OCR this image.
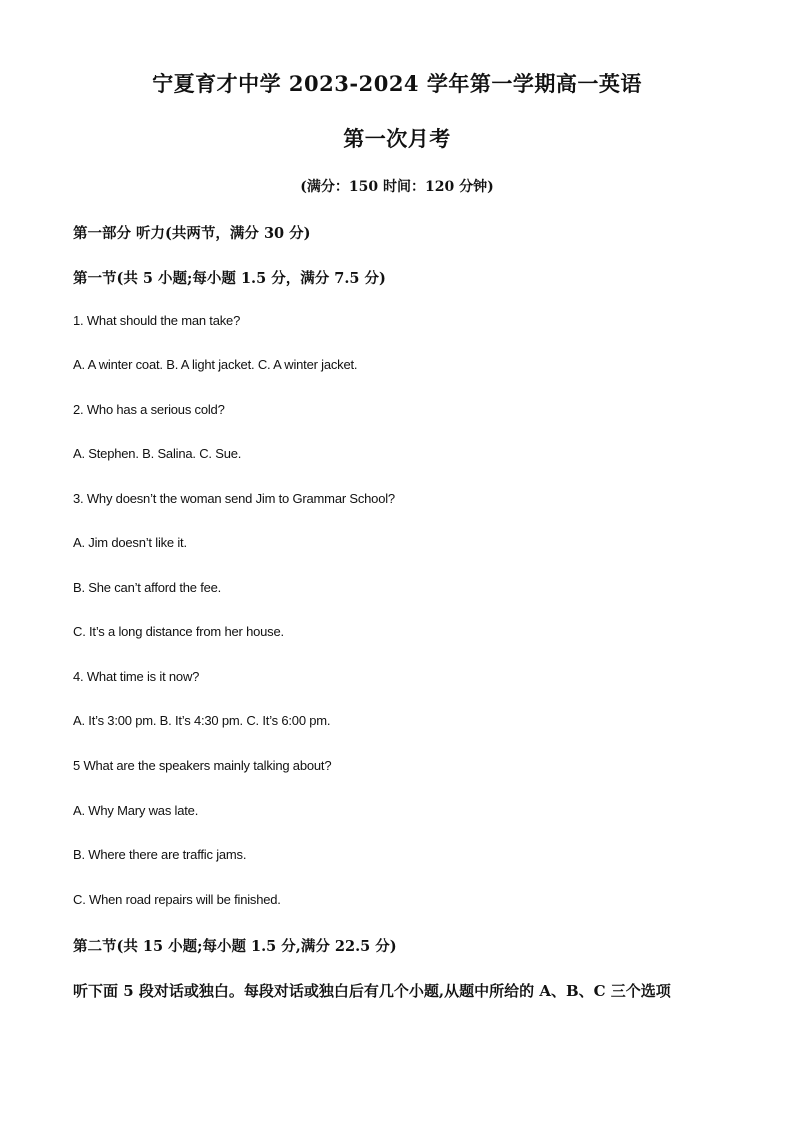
宁夏育才中学 2023-2024 学年第一学期高一英语
第一次月考
(满分：150 时间：120 分钟)
第一部分 听力(共两节，满分 30 分)
第一节(共 5 小题;每小题 1.5 分，满分 7.5 分)
1. What should the man take?
A. A winter coat. B. A light jacket. C. A winter jacket.
2. Who has a serious cold?
A. Stephen. B. Salina. C. Sue.
3. Why doesn’t the woman send Jim to Grammar School?
A. Jim doesn’t like it.
B. She can’t afford the fee.
C. It’s a long distance from her house.
4. What time is it now?
A. It’s 3:00 pm. B. It’s 4:30 pm. C. It’s 6:00 pm.
5 What are the speakers mainly talking about?
A. Why Mary was late.
B. Where there are traffic jams.
C. When road repairs will be finished.
第二节(共 15 小题;每小题 1.5 分,满分 22.5 分)
听下面 5 段对话或独白。每段对话或独白后有几个小题,从题中所给的 A、B、C 三个选项
